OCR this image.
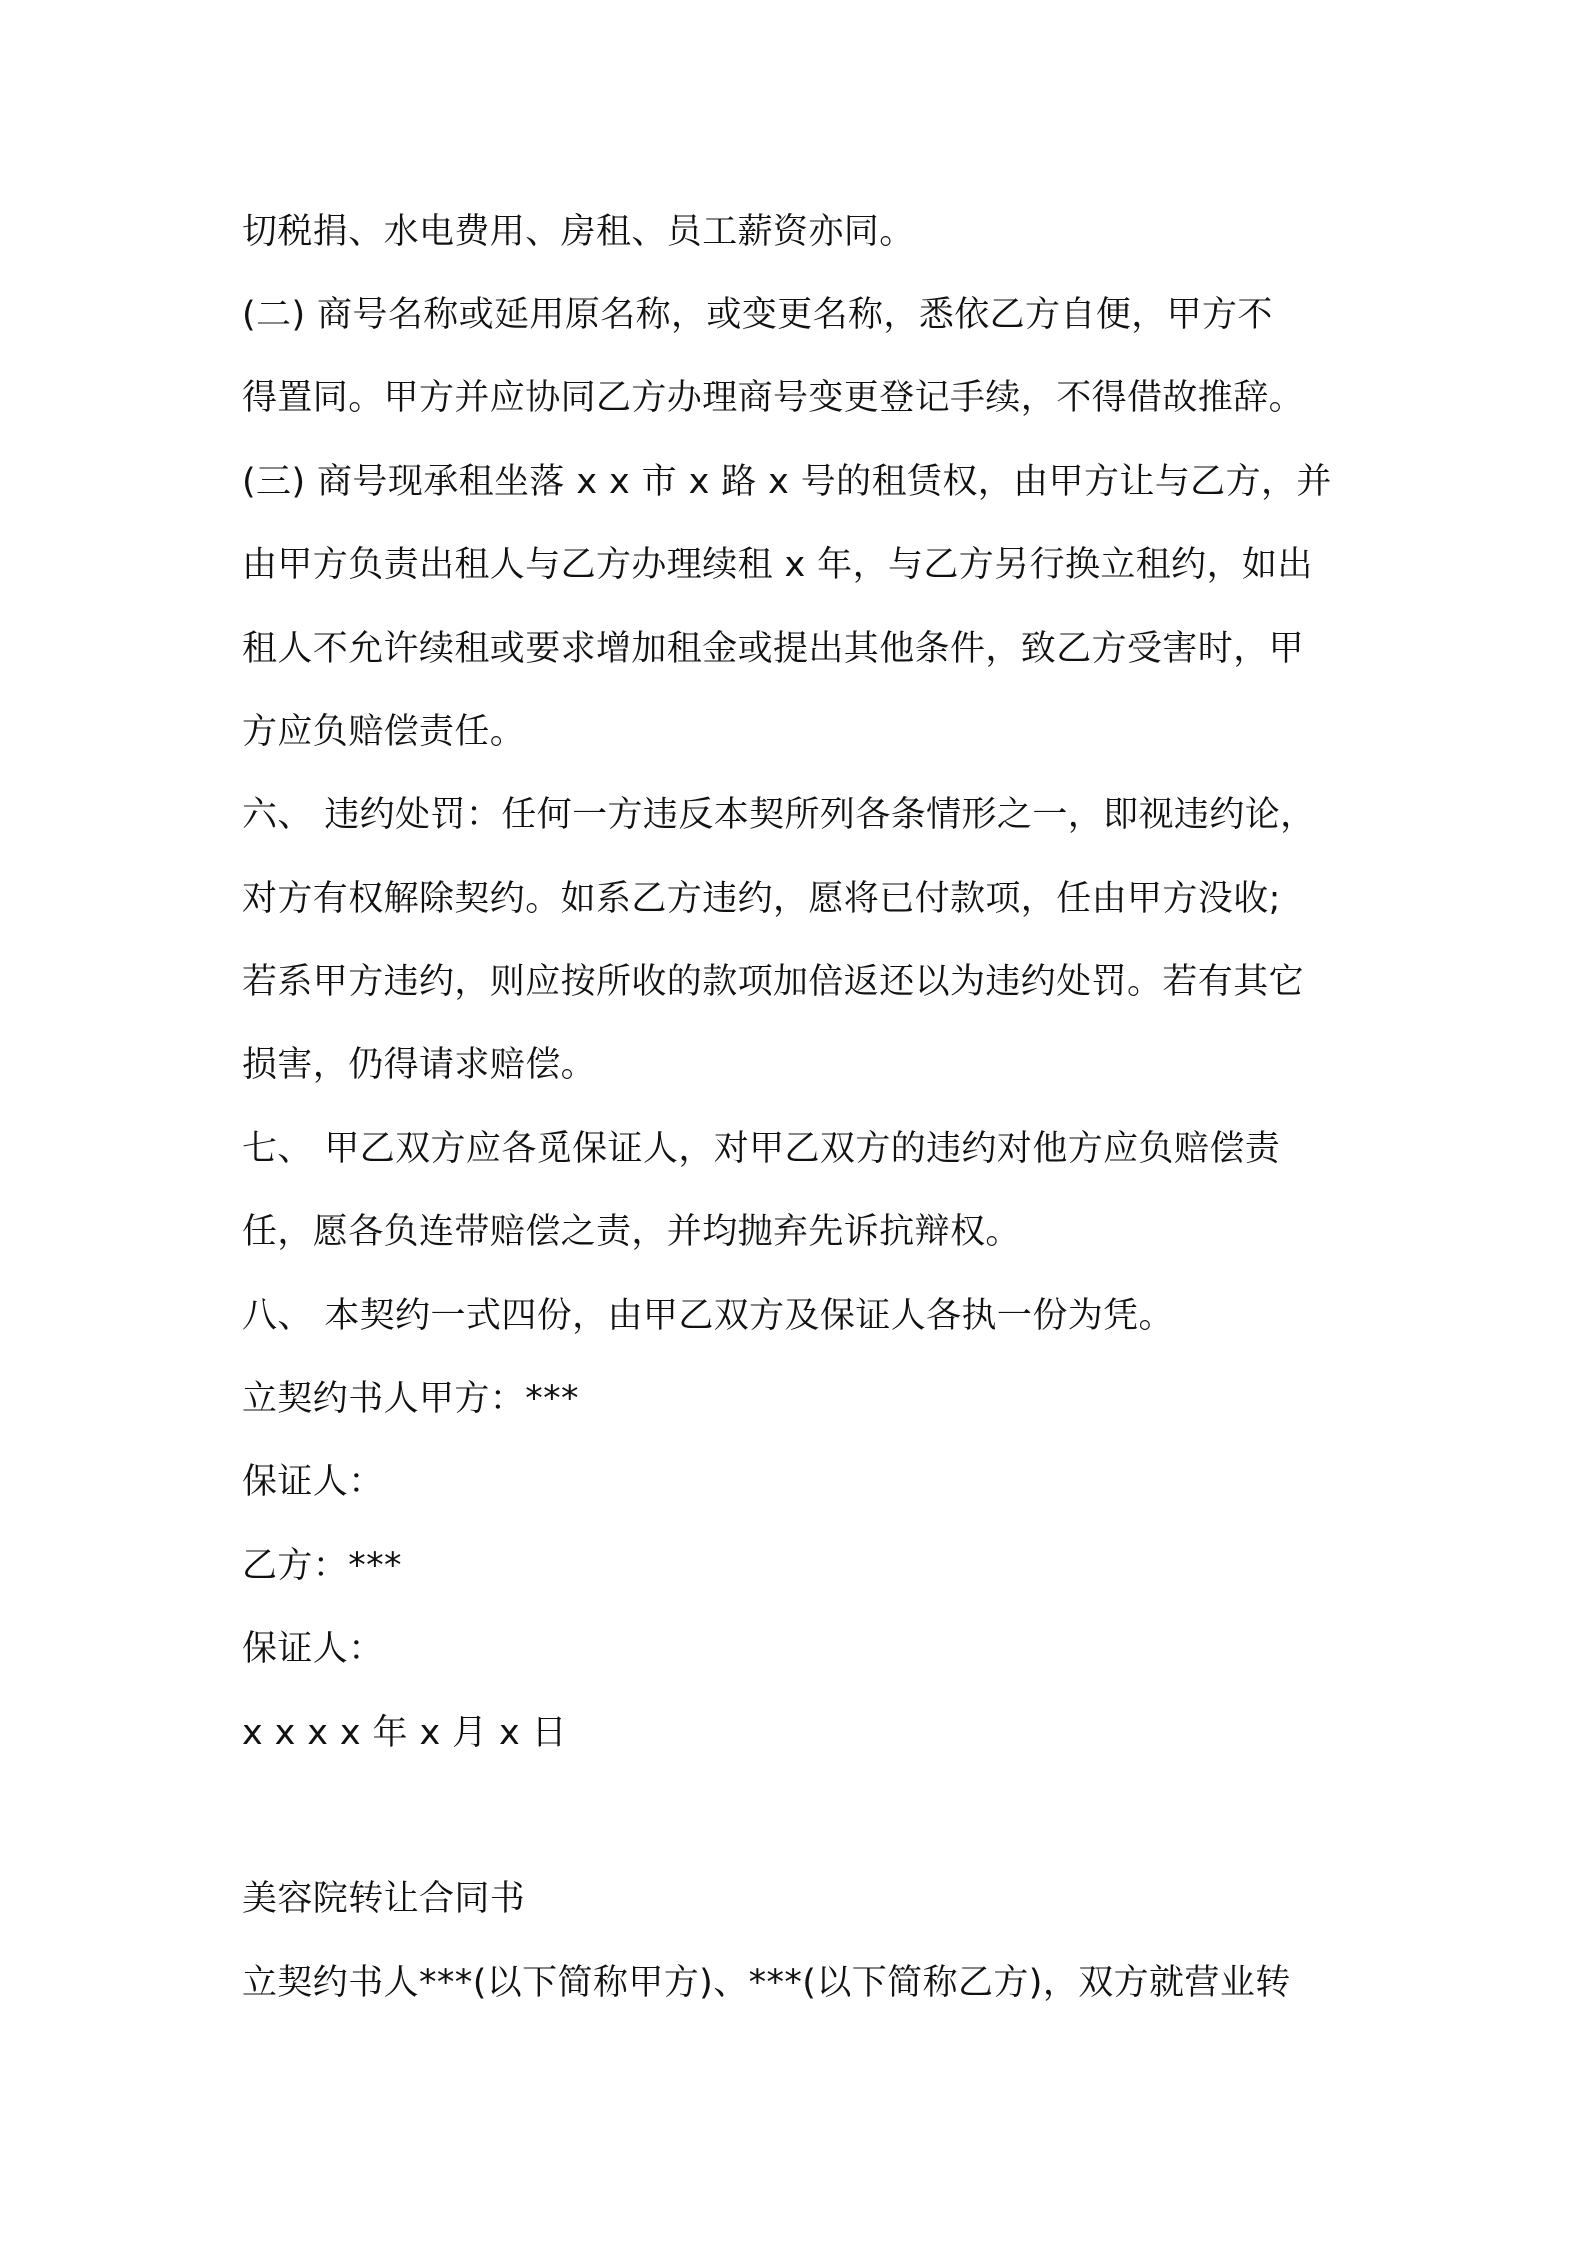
切税捐、水电费用、房租、员工薪资亦同。
(二) 商号名称或延用原名称，或变更名称，悉依乙方自便，甲方不
得置同。甲方并应协同乙方办理商号变更登记手续，不得借故推辞。
(三) 商号现承租坐落 x x 市 x 路 x 号的租赁权，由甲方让与乙方，并
由甲方负责出租人与乙方办理续租 x 年，与乙方另行换立租约，如出
租人不允许续租或要求增加租金或提出其他条件，致乙方受害时，甲
方应负赔偿责任。
六、 违约处罚：任何一方违反本契所列各条情形之一，即视违约论，
对方有权解除契约。如系乙方违约，愿将已付款项，任由甲方没收;
若系甲方违约，则应按所收的款项加倍返还以为违约处罚。若有其它
损害，仍得请求赔偿。
七、 甲乙双方应各觅保证人，对甲乙双方的违约对他方应负赔偿责
任，愿各负连带赔偿之责，并均抛弃先诉抗辩权。
八、 本契约一式四份，由甲乙双方及保证人各执一份为凭。
立契约书人甲方：***
保证人：
乙方：***
保证人：
x x x x 年 x 月 x 日
美容院转让合同书
立契约书人***(以下简称甲方)、***(以下简称乙方)，双方就营业转
